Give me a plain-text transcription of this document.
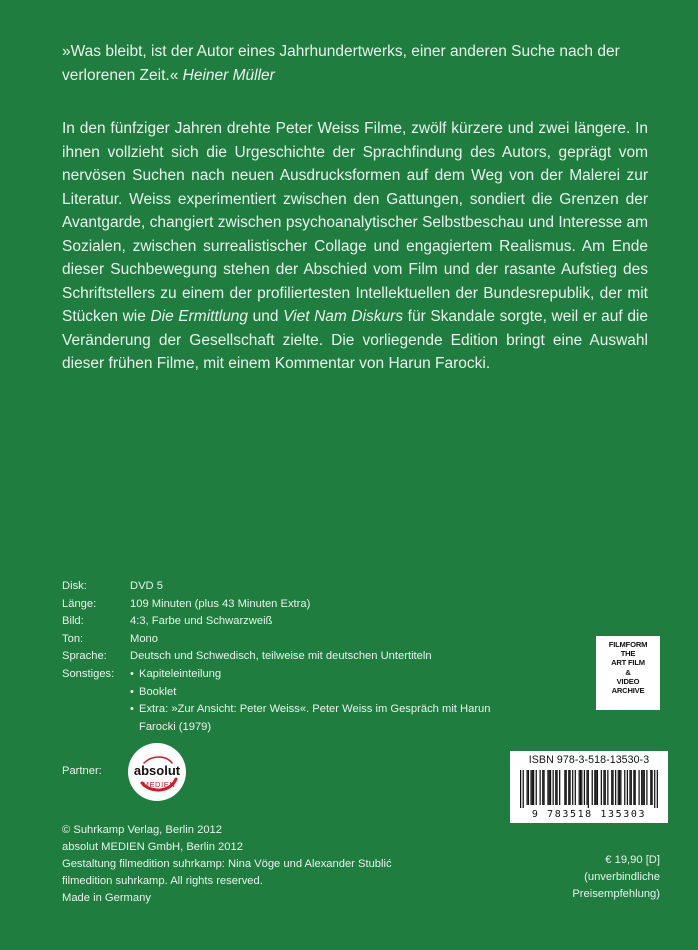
»Was bleibt, ist der Autor eines Jahrhundertwerks, einer anderen Suche nach der verlorenen Zeit.« Heiner Müller
In den fünfziger Jahren drehte Peter Weiss Filme, zwölf kürzere und zwei längere. In ihnen vollzieht sich die Urgeschichte der Sprachfindung des Autors, geprägt vom nervösen Suchen nach neuen Ausdrucksformen auf dem Weg von der Malerei zur Literatur. Weiss experimentiert zwischen den Gattungen, sondiert die Grenzen der Avantgarde, changiert zwischen psychoanalytischer Selbstbeschau und Interesse am Sozialen, zwischen surrealistischer Collage und engagiertem Realismus. Am Ende dieser Suchbewegung stehen der Abschied vom Film und der rasante Aufstieg des Schriftstellers zu einem der profiliertesten Intellektuellen der Bundesrepublik, der mit Stücken wie Die Ermittlung und Viet Nam Diskurs für Skandale sorgte, weil er auf die Veränderung der Gesellschaft zielte. Die vorliegende Edition bringt eine Auswahl dieser frühen Filme, mit einem Kommentar von Harun Farocki.
Disk:	DVD 5
Länge:	109 Minuten (plus 43 Minuten Extra)
Bild:	4:3, Farbe und Schwarzweiß
Ton:	Mono
Sprache:	Deutsch und Schwedisch, teilweise mit deutschen Untertiteln
Sonstiges:
•	Kapiteleinteilung
• Booklet
• Extra: »Zur Ansicht: Peter Weiss«. Peter Weiss im Gespräch mit Harun Farocki (1979)
FILMFORM
THE
ART FILM
&
VIDEO
ARCHIVE
Partner: absolut
MEDIEN
© Suhrkamp Verlag, Berlin 2012
absolut MEDIEN GmbH, Berlin 2012
Gestaltung filmedition suhrkamp: Nina Vöge und Alexander Stublić
filmedition suhrkamp. All rights reserved.
Made in Germany
ISBN 978-3-518-13530-3
9 783518 135303
€ 19,90 [D]
(unverbindliche
Preisempfehlung)
